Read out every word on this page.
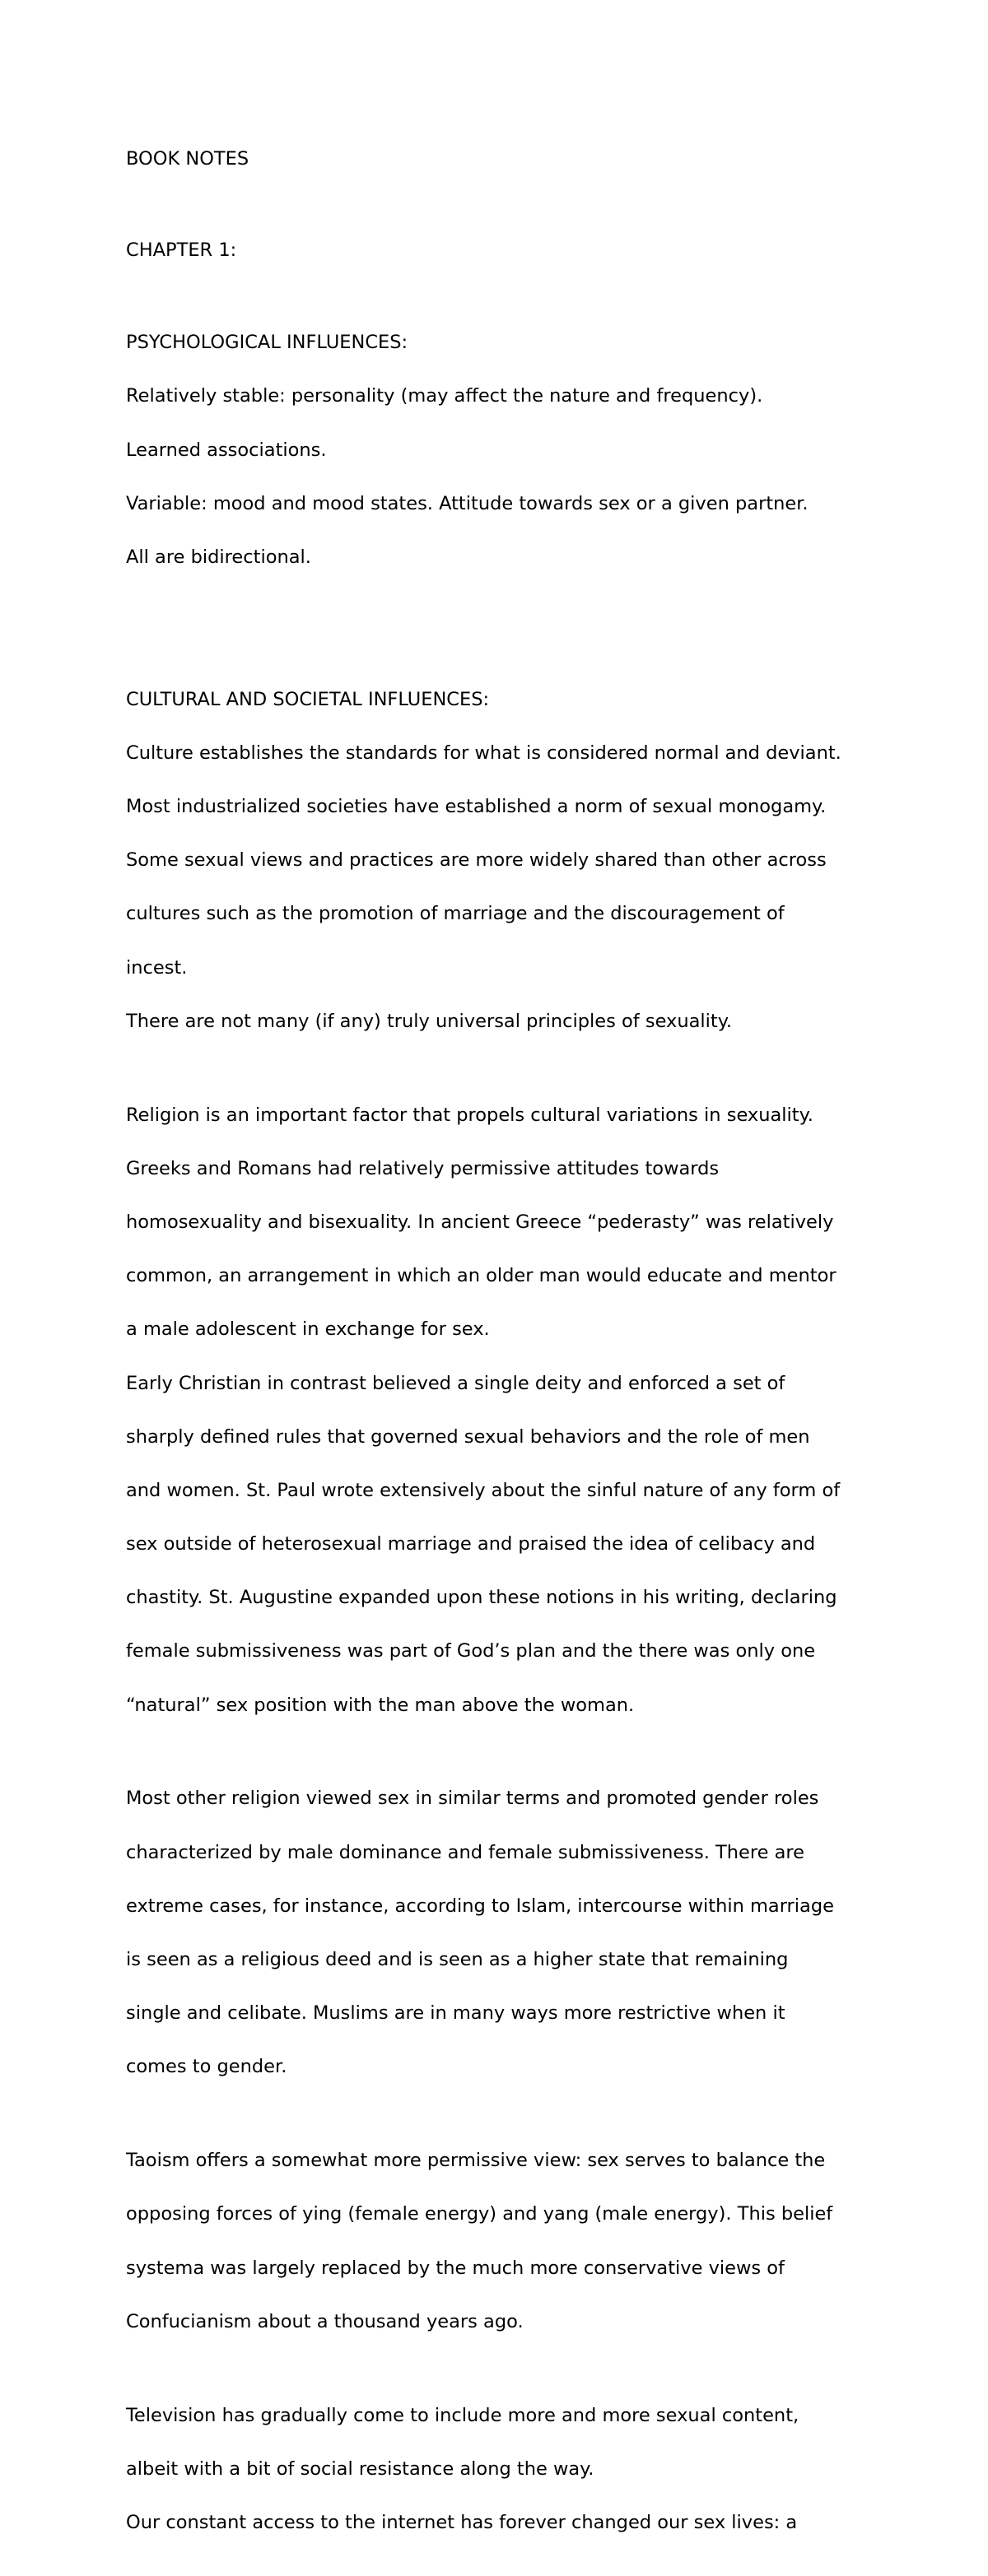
BOOK NOTES

CHAPTER 1:

PSYCHOLOGICAL INFLUENCES:

Relatively stable: personality (may affect the nature and frequency).

Learned associations.

Variable: mood and mood states. Attitude towards sex or a given partner.

All are bidirectional.

CULTURAL AND SOCIETAL INFLUENCES:

Culture establishes the standards for what is considered normal and deviant.

Most industrialized societies have established a norm of sexual monogamy.

Some sexual views and practices are more widely shared than other across

cultures such as the promotion of marriage and the discouragement of

incest.

There are not many (if any) truly universal principles of sexuality.

Religion is an important factor that propels cultural variations in sexuality.

Greeks and Romans had relatively permissive attitudes towards

homosexuality and bisexuality. In ancient Greece “pederasty” was relatively

common, an arrangement in which an older man would educate and mentor

a male adolescent in exchange for sex.

Early Christian in contrast believed a single deity and enforced a set of

sharply defined rules that governed sexual behaviors and the role of men

and women. St. Paul wrote extensively about the sinful nature of any form of

sex outside of heterosexual marriage and praised the idea of celibacy and

chastity. St. Augustine expanded upon these notions in his writing, declaring

female submissiveness was part of God’s plan and the there was only one

“natural” sex position with the man above the woman.

Most other religion viewed sex in similar terms and promoted gender roles

characterized by male dominance and female submissiveness. There are

extreme cases, for instance, according to Islam, intercourse within marriage

is seen as a religious deed and is seen as a higher state that remaining

single and celibate. Muslims are in many ways more restrictive when it

comes to gender.

Taoism offers a somewhat more permissive view: sex serves to balance the

opposing forces of ying (female energy) and yang (male energy). This belief

systema was largely replaced by the much more conservative views of

Confucianism about a thousand years ago.

Television has gradually come to include more and more sexual content,

albeit with a bit of social resistance along the way.

Our constant access to the internet has forever changed our sex lives: a
